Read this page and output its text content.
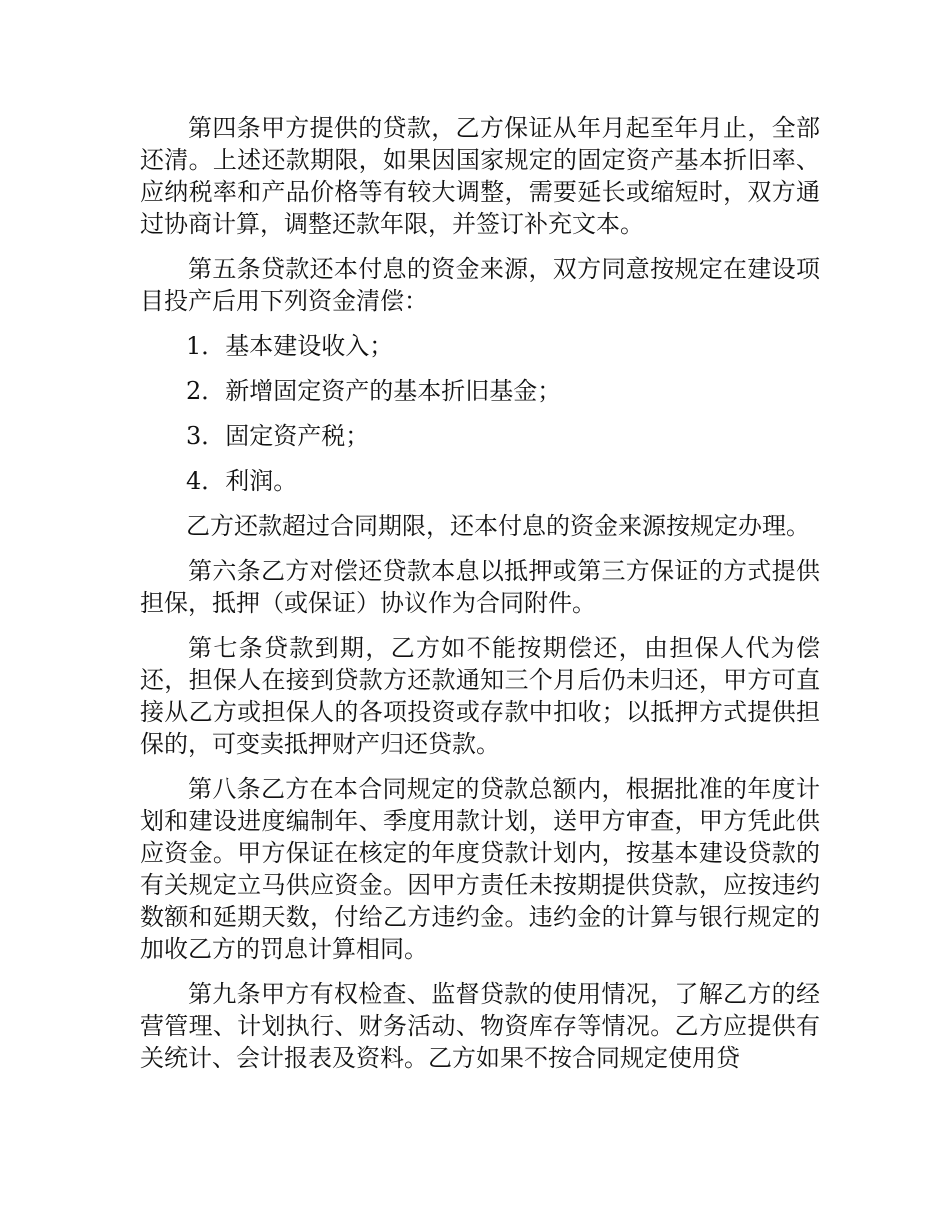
第四条甲方提供的贷款，乙方保证从年月起至年月止，全部还清。上述还款期限，如果因国家规定的固定资产基本折旧率、应纳税率和产品价格等有较大调整，需要延长或缩短时，双方通过协商计算，调整还款年限，并签订补充文本。

第五条贷款还本付息的资金来源，双方同意按规定在建设项目投产后用下列资金清偿：

1．基本建设收入；

2．新增固定资产的基本折旧基金；

3．固定资产税；

4．利润。

乙方还款超过合同期限，还本付息的资金来源按规定办理。

第六条乙方对偿还贷款本息以抵押或第三方保证的方式提供担保，抵押（或保证）协议作为合同附件。

第七条贷款到期，乙方如不能按期偿还，由担保人代为偿还，担保人在接到贷款方还款通知三个月后仍未归还，甲方可直接从乙方或担保人的各项投资或存款中扣收；以抵押方式提供担保的，可变卖抵押财产归还贷款。

第八条乙方在本合同规定的贷款总额内，根据批准的年度计划和建设进度编制年、季度用款计划，送甲方审查，甲方凭此供应资金。甲方保证在核定的年度贷款计划内，按基本建设贷款的有关规定立马供应资金。因甲方责任未按期提供贷款，应按违约数额和延期天数，付给乙方违约金。违约金的计算与银行规定的加收乙方的罚息计算相同。

第九条甲方有权检查、监督贷款的使用情况，了解乙方的经营管理、计划执行、财务活动、物资库存等情况。乙方应提供有关统计、会计报表及资料。乙方如果不按合同规定使用贷
